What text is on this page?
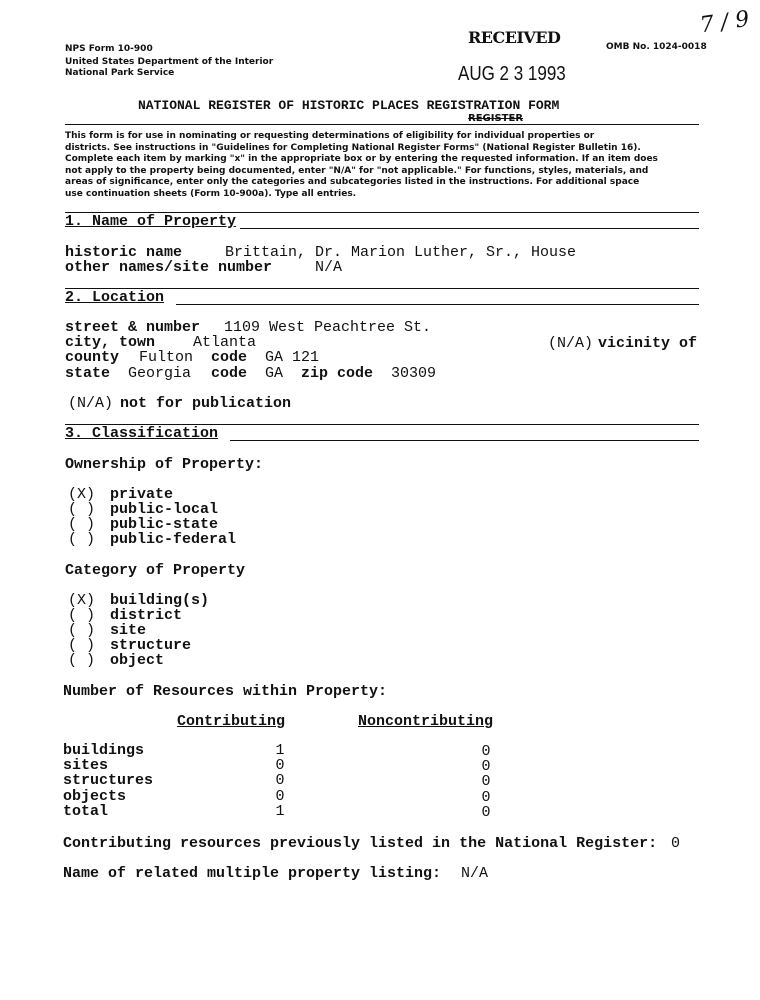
NPS Form 10-900
United States Department of the Interior
National Park Service
OMB No. 1024-0018
RECEIVED
AUG 2 3 1993
7 / 9
NATIONAL REGISTER OF HISTORIC PLACES REGISTRATION FORM
REGISTER
This form is for use in nominating or requesting determinations of eligibility for individual properties or
districts. See instructions in "Guidelines for Completing National Register Forms" (National Register Bulletin 16).
Complete each item by marking "x" in the appropriate box or by entering the requested information. If an item does
not apply to the property being documented, enter "N/A" for "not applicable." For functions, styles, materials, and
areas of significance, enter only the categories and subcategories listed in the instructions. For additional space
use continuation sheets (Form 10-900a). Type all entries.
1. Name of Property
historic name	Brittain, Dr. Marion Luther, Sr., House
other names/site number	N/A
2. Location
street & number 1109 West Peachtree St.
city, town	Atlanta	(N/A) vicinity of
county Fulton code GA 121
state Georgia code GA zip code 30309
(N/A) not for publication
3. Classification
Ownership of Property:
(X) private
( ) public-local
( ) public-state
( ) public-federal
Category of Property
(X) building(s)
( ) district
( ) site
( ) structure
( ) object
Number of Resources within Property:
Contributing	Noncontributing
buildings	1	0
sites	0	0
structures	0	0
objects	0	0
total	1	0
Contributing resources previously listed in the National Register: 0
Name of related multiple property listing: N/A
